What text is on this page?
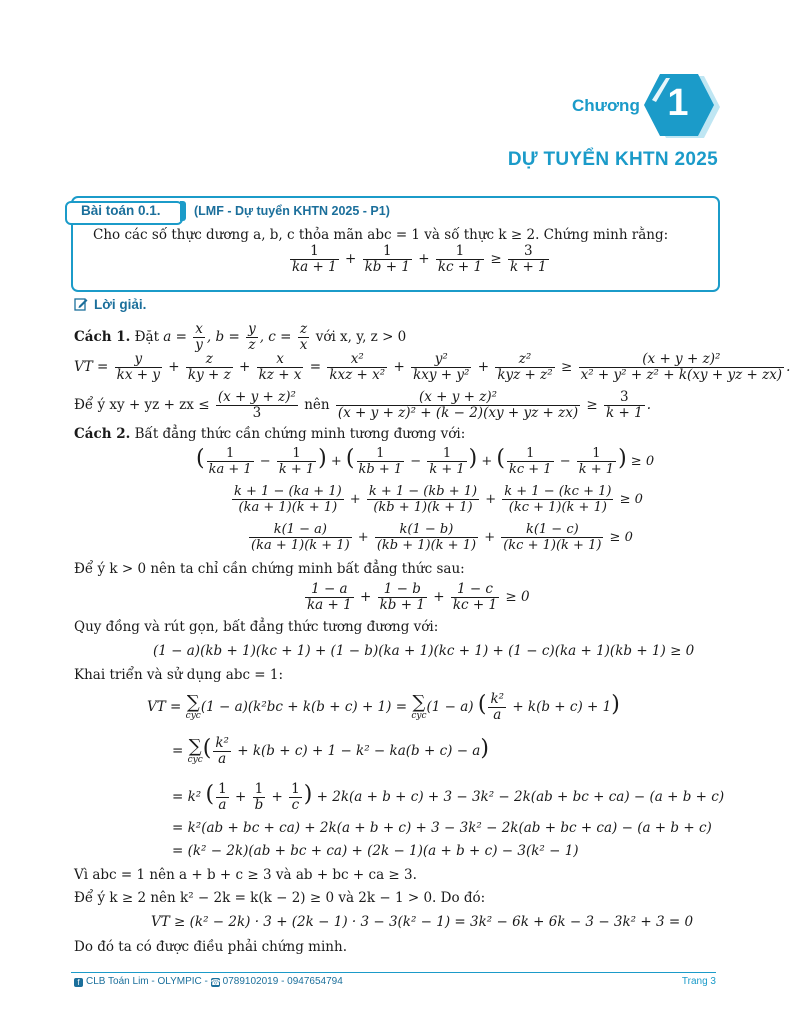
Chương 1
DỰ TUYỂN KHTN 2025
Bài toán 0.1.	(LMF - Dự tuyển KHTN 2025 - P1)
Cho các số thực dương a, b, c thỏa mãn abc = 1 và số thực k ≥ 2. Chứng minh rằng:
$\frac{1}{ka + 1} + \frac{1}{kb + 1} + \frac{1}{kc + 1} \ge \frac{3}{k + 1}$
Lời giải.
Cách 1. Đặt $a = \frac{x}{y}$ , $b = \frac{y}{z}$ , $c = \frac{z}{x}$ với x, y, z > 0
VT = $\frac{y}{kx + y} + \frac{z}{ky + z} + \frac{x}{kz + x} = \frac{\text{x²}}{\text{kxz + x²}} + \frac{\text{y²}}{\text{kxy + y²}} + \frac{\text{z²}}{\text{kyz + z²}} \ge \frac{\text{(x + y + z)²}}{\text{x² + y² + z² + k(xy + yz + zx)}}$ .
Để ý xy + yz + zx ≤ $\frac{\text{(x + y + z)²}}{3}$ nên $\frac{\text{(x + y + z)²}}{\text{(x + y + z)² + (k − 2)(xy + yz + zx)}} \ge \frac{3}{k + 1}$ .
Cách 2. Bất đẳng thức cần chứng minh tương đương với:
( $\frac{1}{ka + 1} - \frac{1}{k + 1}$ ) + ( $\frac{1}{kb + 1} - \frac{1}{k + 1}$ ) + ( $\frac{1}{kc + 1} - \frac{1}{k + 1}$ ) ≥ 0
$\frac{k + 1 - (ka + 1)}{(ka + 1)(k + 1)} + \frac{k + 1 - (kb + 1)}{(kb + 1)(k + 1)} + \frac{k + 1 - (kc + 1)}{(kc + 1)(k + 1)} \ge 0$
$\frac{k(1 - a)}{(ka + 1)(k + 1)} + \frac{k(1 - b)}{(kb + 1)(k + 1)} + \frac{k(1 - c)}{(kc + 1)(k + 1)} \ge 0$
Để ý k > 0 nên ta chỉ cần chứng minh bất đẳng thức sau:
$\frac{1 - a}{ka + 1} + \frac{1 - b}{kb + 1} + \frac{1 - c}{kc + 1} \ge 0$
Quy đồng và rút gọn, bất đẳng thức tương đương với:
(1 − a)(kb + 1)(kc + 1) + (1 − b)(ka + 1)(kc + 1) + (1 − c)(ka + 1)(kb + 1) ≥ 0
Khai triển và sử dụng abc = 1:
VT = ∑
cyc
(1 − a)(k²bc + k(b + c) + 1) = ∑
cyc
(1 − a) ( $\frac{\text{k²}}{a} + k(b + c) + 1$)
= ∑
cyc ( $\frac{\text{k²}}{a} + k(b + c) + 1 - k^2 - ka(b + c) - a$)
= k² ( $\frac{1}{a} + \frac{1}{b} + \frac{1}{c}$ ) + 2k(a + b + c) + 3 − 3k² − 2k(ab + bc + ca) − (a + b + c)
= k²(ab + bc + ca) + 2k(a + b + c) + 3 − 3k² − 2k(ab + bc + ca) − (a + b + c)
= (k² − 2k)(ab + bc + ca) + (2k − 1)(a + b + c) − 3(k² − 1)
Vì abc = 1 nên a + b + c ≥ 3 và ab + bc + ca ≥ 3.
Để ý k ≥ 2 nên k² − 2k = k(k − 2) ≥ 0 và 2k − 1 > 0. Do đó:
VT ≥ (k² − 2k) · 3 + (2k − 1) · 3 − 3(k² − 1) = 3k² − 6k + 6k − 3 − 3k² + 3 = 0
Do đó ta có được điều phải chứng minh.
f CLB Toán Lim - OLYMPIC - ☎ 0789102019 - 0947654794	Trang 3
